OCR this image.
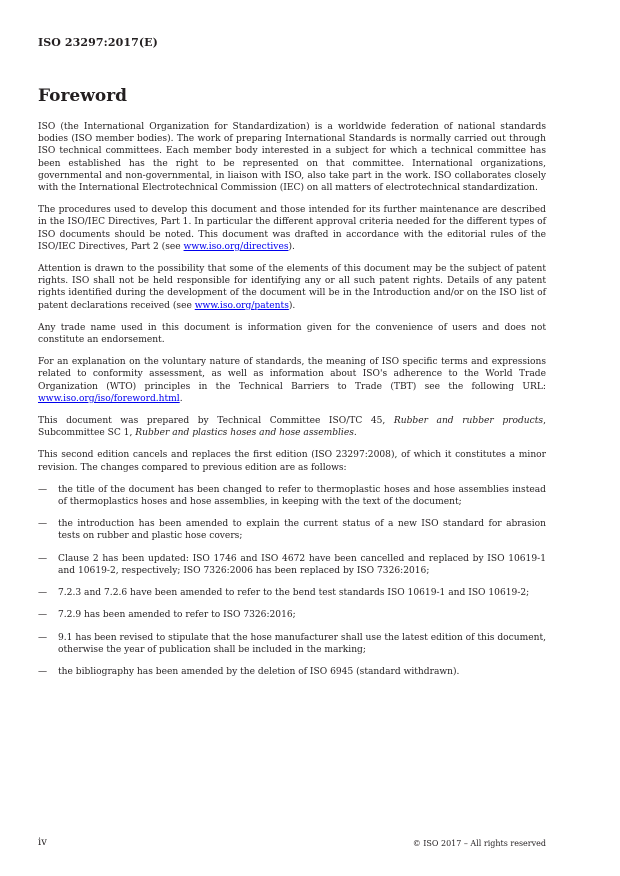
ISO 23297:2017(E)
Foreword

ISO (the International Organization for Standardization) is a worldwide federation of national standards bodies (ISO member bodies). The work of preparing International Standards is normally carried out through ISO technical committees. Each member body interested in a subject for which a technical committee has been established has the right to be represented on that committee. International organizations, governmental and non-governmental, in liaison with ISO, also take part in the work. ISO collaborates closely with the International Electrotechnical Commission (IEC) on all matters of electrotechnical standardization.

The procedures used to develop this document and those intended for its further maintenance are described in the ISO/IEC Directives, Part 1. In particular the different approval criteria needed for the different types of ISO documents should be noted. This document was drafted in accordance with the editorial rules of the ISO/IEC Directives, Part 2 (see www.iso.org/directives).

Attention is drawn to the possibility that some of the elements of this document may be the subject of patent rights. ISO shall not be held responsible for identifying any or all such patent rights. Details of any patent rights identified during the development of the document will be in the Introduction and/or on the ISO list of patent declarations received (see www.iso.org/patents).

Any trade name used in this document is information given for the convenience of users and does not constitute an endorsement.

For an explanation on the voluntary nature of standards, the meaning of ISO specific terms and expressions related to conformity assessment, as well as information about ISO's adherence to the World Trade Organization (WTO) principles in the Technical Barriers to Trade (TBT) see the following URL: www.iso.org/iso/foreword.html.

This document was prepared by Technical Committee ISO/TC 45, Rubber and rubber products, Subcommittee SC 1, Rubber and plastics hoses and hose assemblies.

This second edition cancels and replaces the first edition (ISO 23297:2008), of which it constitutes a minor revision. The changes compared to previous edition are as follows:

—	the title of the document has been changed to refer to thermoplastic hoses and hose assemblies instead of thermoplastics hoses and hose assemblies, in keeping with the text of the document;
—	the introduction has been amended to explain the current status of a new ISO standard for abrasion tests on rubber and plastic hose covers;
—	Clause 2 has been updated: ISO 1746 and ISO 4672 have been cancelled and replaced by ISO 10619-1 and 10619-2, respectively; ISO 7326:2006 has been replaced by ISO 7326:2016;
—	7.2.3 and 7.2.6 have been amended to refer to the bend test standards ISO 10619-1 and ISO 10619-2;
—	7.2.9 has been amended to refer to ISO 7326:2016;
—	9.1 has been revised to stipulate that the hose manufacturer shall use the latest edition of this document, otherwise the year of publication shall be included in the marking;
—	the bibliography has been amended by the deletion of ISO 6945 (standard withdrawn).
iv	© ISO 2017 – All rights reserved
